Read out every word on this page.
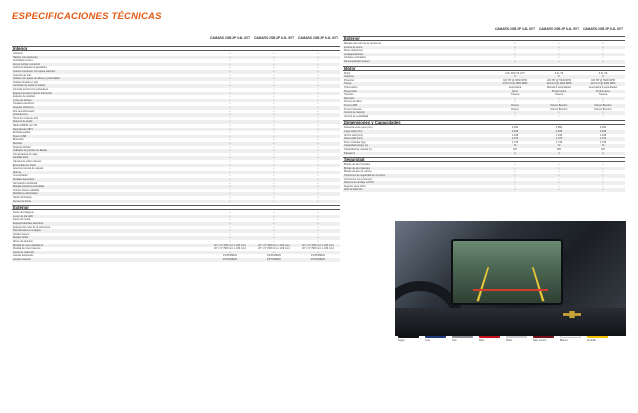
ESPECIFICACIONES TÉCNICAS
CAMARO 2SB 2P 3.6L 6VT	CAMARO 2SB 2P 6.2L 5VT	CAMARO 2SB 2P 6.2L 6VT
Interior
Cilindros	•	•	•
Tablero con tacómetro	•	•	•
Velocidad crucero	•	•	•
Apoyo lumbar conductor	•	•	•
Asientos delanteros ajustables	•	•	•
Asiento conductor con ajuste eléctrico	•	•	•
Asientos de tela	•	•	•
Volante con ajuste de altura y profundidad	•	•	•
Volante forrado en piel	•	•	•
Controles de audio al volante	•	•	•
Consola central con portavasos	•	•	•
Espejo retrovisor interior día/noche	•	•	•
Espejos de vanidad	•	•	•
Luces de lectura	•	•	•
Cristales eléctricos	•	•	•
Seguros eléctricos	•	•	•
Aire acondicionado	•	•	•
Quemacocos	•	•	•
Toma de corriente 12V	•	•	•
Sistema de audio	•	•	•
Radio AM/FM con CD	•	•	•
Reproductor MP3	•	•	•
Entrada auxiliar	•	•	•
Puerto USB	•	•	•
Bluetooth	•	•	•
Bocinas	•	•	•
Sistema OnStar	•	•	•
Indicador de presión de llantas	•	•	•
Computadora de viaje	•	•	•
Pantalla táctil	•	•	•
Cámara de visión trasera	•	•	•
Encendido por botón	•	•	•
Apertura remota de cajuela	•	•	•
Alarma	•	•	•
Inmovilizador	•	•	•
Pedales deportivos	•	•	•
Iluminación ambiental	•	•	•
Manijas interiores cromadas	•	•	•
Asiento trasero abatible	•	•	•
Medidores adicionales	•	•	•
Head Up Display	•	•	•
Sensor de lluvia	•	•	•
Exterior
Faros de halógeno	•	•	•
Luces de día LED	•	•	•
Faros de niebla	•	•	•
Espejos laterales eléctricos	•	•	•
Espejos del color de la carrocería	•	•	•
Direccionales en espejos	•	•	•
Spoiler trasero	•	•	•
Escape doble	•	•	•
Rines de aluminio	•	•	•
Medida de rines delanteros	20" x 8" (508 mm x 203 mm)	20" x 8" (508 mm x 203 mm)	20" x 8" (508 mm x 203 mm)
Medida de rines traseros	20" x 9" (508 mm x 229 mm)	20" x 9" (508 mm x 229 mm)	20" x 9" (508 mm x 229 mm)
Llanta de refacción	•	•	•
Llantas delanteras	P245/45R20	P245/45R20	P245/45R20
Llantas traseras	P275/40R20	P275/40R20	P275/40R20
CAMARO 2SB 2P 3.6L 6VT	CAMARO 2SB 2P 6.2L 5VT	CAMARO 2SB 2P 6.2L 6VT
Exterior
Manijas del color de la carrocería	•	•	•
Antena de techo	•	•	•
Rines deportivos	•	•	•
Limpiaparabrisas	•	•	•
Cristales entintados	•	•	•
Desempañador trasero	•	•	•
Motor
Motor	3.6L SIDI V6 VVT	6.2L V8	6.2L V8
Cilindros	6	8	8
Potencia	323 HP @ 6800 RPM	426 HP @ 5900 RPM	400 HP @ 5900 RPM
Torque	278 lb-ft @ 4800 RPM	420 lb-ft @ 4600 RPM	410 lb-ft @ 4300 RPM
Transmisión	Automática	Manual 6 velocidades	Automática 6 velocidades
Suspensión	Sport	Performance	Performance
Tracción	Trasera	Trasera	Trasera
Dirección	•	•	•
Frenos de disco	•	•	•
Frenos ABS	Discos	Discos Brembo	Discos Brembo
Frenos traseros	Discos	Discos Brembo	Discos Brembo
Control de tracción	•	•	•
Control de estabilidad	•	•	•
Dimensiones y Capacidades
Distancia entre ejes (mm)	2,852	2,852	2,852
Largo total (mm)	4,836	4,836	4,836
Ancho total (mm)	1,918	1,918	1,918
Altura total (mm)	1,376	1,376	1,376
Peso vehicular (kg)	1,715	1,746	1,769
Capacidad tanque (L)	72	72	72
Capacidad de cajuela (L)	320	320	320
Pasajeros	4	4	4
Seguridad
Bolsas de aire frontales	•	•	•
Bolsas de aire laterales	•	•	•
Bolsas de aire de cortina	•	•	•
Cinturones de seguridad de 3 puntos	•	•	•
Cinturones con pretensor	•	•	•
Sistema de anclaje LATCH	•	•	•
Seguros para niños	•	•	•
Alarma antirrobo	•	•	•
Negro	Azul	Gris	Rojo	Plata	Rojo oscuro	Blanco	Amarillo
